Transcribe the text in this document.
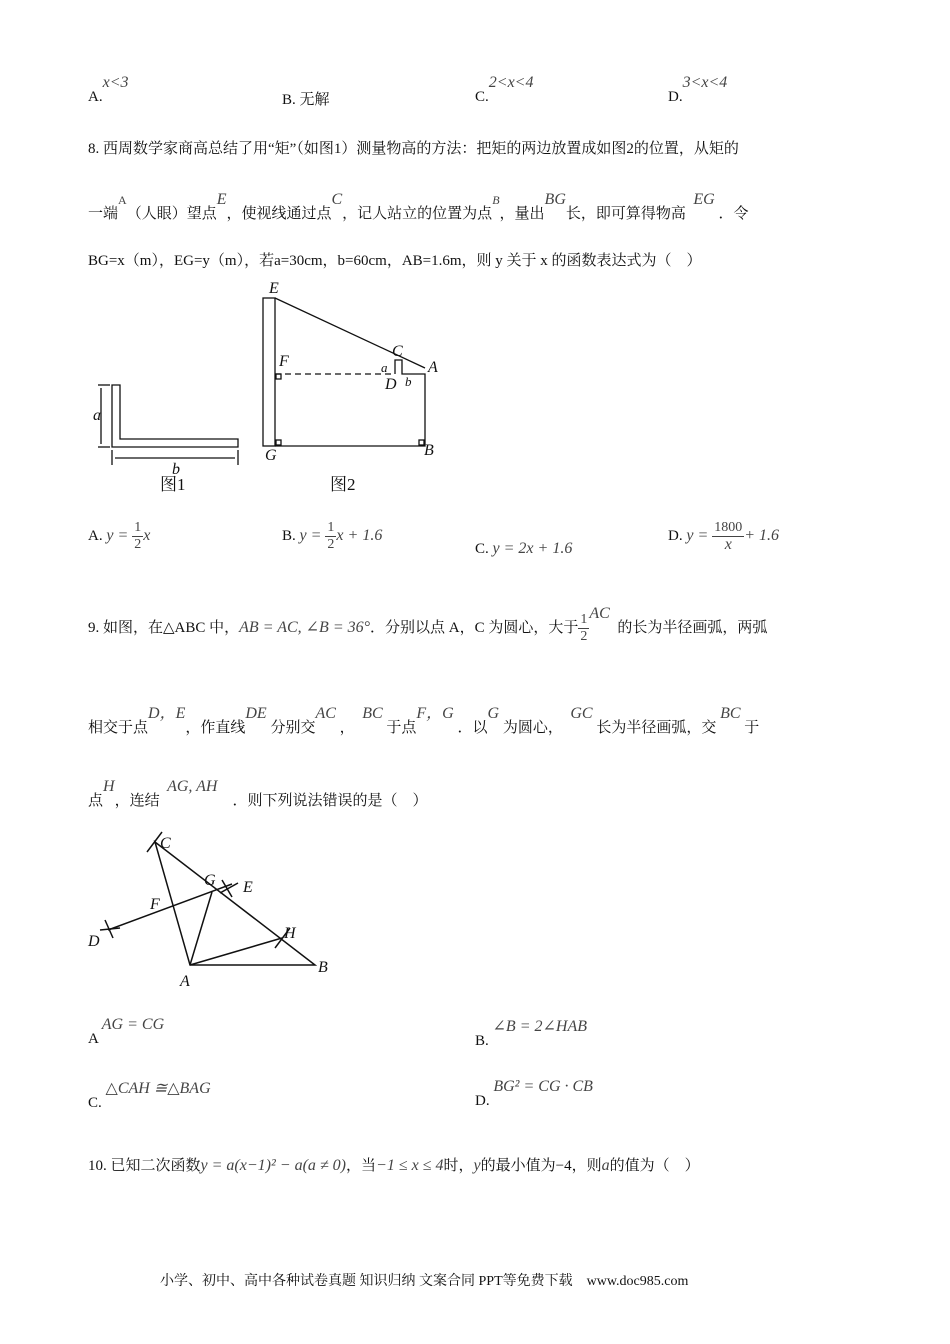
A.x<3
B. 无解	C.2<x<4
D.3<x<4
8. 西周数学家商高总结了用“矩”（如图1）测量物高的方法：把矩的两边放置成如图2的位置，从矩的
一端$^A$（人眼）望点E，使视线通过点C，记人站立的位置为点$^B$，量出BG长，即可算得物高  EG ．令
BG=x（m），EG=y（m），若a=30cm，b=60cm，AB=1.6m，则 y 关于 x 的函数表达式为（　）
a
b
图1
E
F
C
A
a
b
D
G	B
图2
A. $y = \frac{1}{2}$ x	B. $y = \frac{1}{2}$ x + 1.6
C. y = 2x + 1.6
D. $y = \frac{1800}{x} + 1.6$
9. 如图，在△ABC 中，AB = AC, ∠B = 36°．分别以点 A，C 为圆心，大于 $\frac{1}{2}$ AC  的长为半径画弧，两弧
相交于点D，E，作直线DE 分别交AC ，  BC 于点F，G ．以G 为圆心，  GC 长为半径画弧，交 BC 于
点H，连结  AG, AH    ．则下列说法错误的是（　）
C
G E
F
D	H
A
B
A AG = CG
B. ∠B = 2∠HAB
C. △CAH ≅△BAG
D. BG² = CG · CB
10. 已知二次函数y = a(x−1)² − a(a ≠ 0)，当−1 ≤ x ≤ 4时，y的最小值为−4，则a的值为（　）
小学、初中、高中各种试卷真题 知识归纳 文案合同 PPT等免费下载 www.doc985.com
